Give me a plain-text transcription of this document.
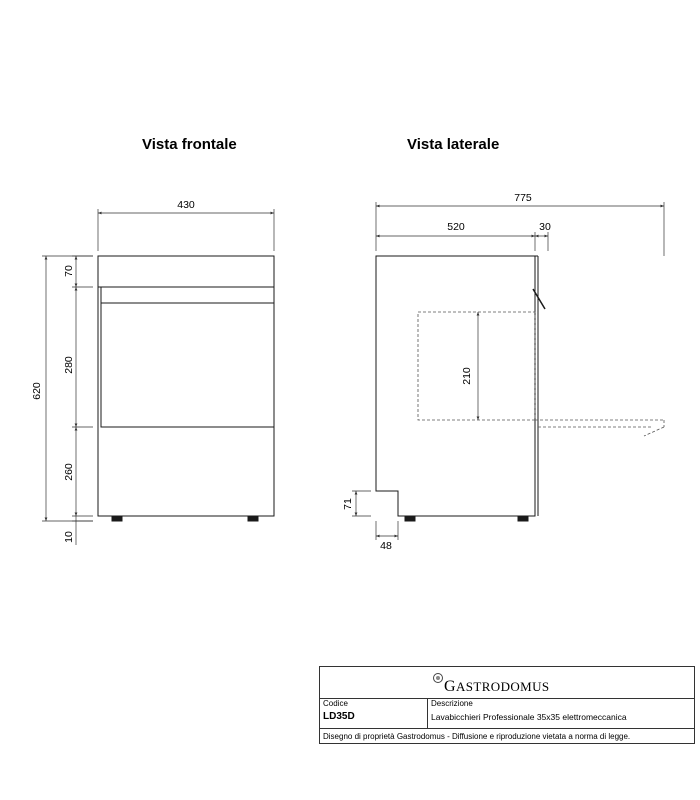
Vista frontale	Vista laterale
430
620
70
280
260
10
775
520	30
210
71
48
GASTRODOMUS
Codice
LD35D
Descrizione
Lavabicchieri Professionale 35x35 elettromeccanica
Disegno di proprietà Gastrodomus - Diffusione e riproduzione vietata a norma di legge.
